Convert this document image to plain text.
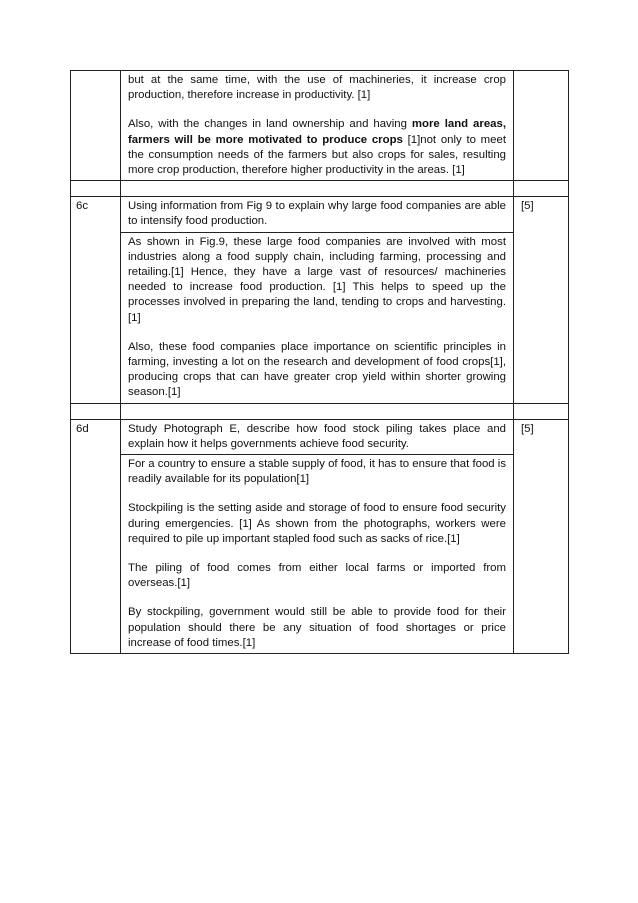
	but at the same time, with the use of machineries, it increase crop production, therefore increase in productivity. [1]

Also, with the changes in land ownership and having more land areas, farmers will be more motivated to produce crops [1]not only to meet the consumption needs of the farmers but also crops for sales, resulting more crop production, therefore higher productivity in the areas. [1]	

6c	Using information from Fig 9 to explain why large food companies are able to intensify food production.	[5]

	As shown in Fig.9, these large food companies are involved with most industries along a food supply chain, including farming, processing and retailing.[1] Hence, they have a large vast of resources/ machineries needed to increase food production. [1] This helps to speed up the processes involved in preparing the land, tending to crops and harvesting.[1]

Also, these food companies place importance on scientific principles in farming, investing a lot on the research and development of food crops[1], producing crops that can have greater crop yield within shorter growing season.[1]	

6d	Study Photograph E, describe how food stock piling takes place and explain how it helps governments achieve food security.	[5]

	For a country to ensure a stable supply of food, it has to ensure that food is readily available for its population[1]

Stockpiling is the setting aside and storage of food to ensure food security during emergencies. [1] As shown from the photographs, workers were required to pile up important stapled food such as sacks of rice.[1]

The piling of food comes from either local farms or imported from overseas.[1]

By stockpiling, government would still be able to provide food for their population should there be any situation of food shortages or price increase of food times.[1]	
